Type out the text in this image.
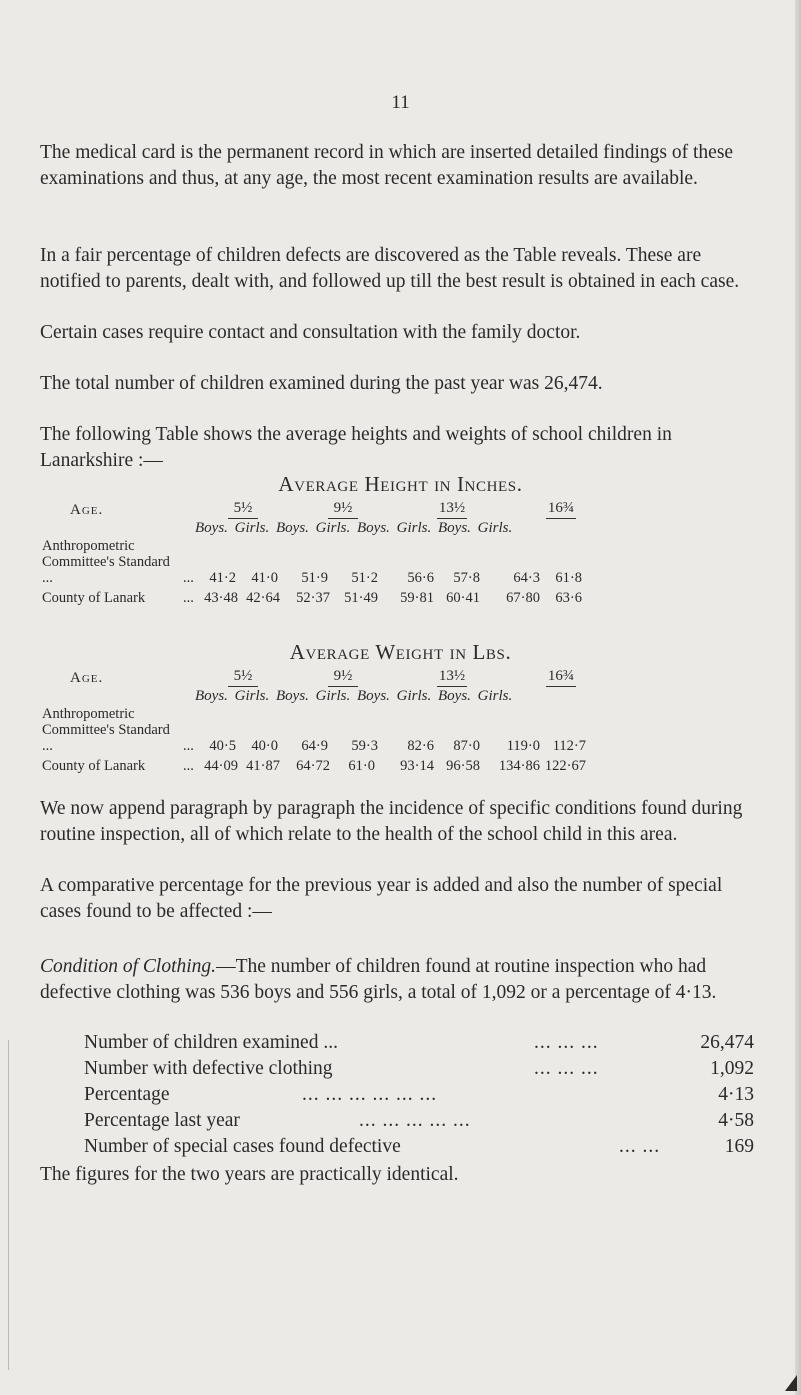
11

The medical card is the permanent record in which are inserted detailed findings of these examinations and thus, at any age, the most recent examination results are available.

In a fair percentage of children defects are discovered as the Table reveals. These are notified to parents, dealt with, and followed up till the best result is obtained in each case.

Certain cases require contact and consultation with the family doctor.

The total number of children examined during the past year was 26,474.

The following Table shows the average heights and weights of school children in Lanarkshire :—

Average Height in Inches.
Age.	5½	9½	13½	16¾
Boys. Girls. Boys. Girls. Boys. Girls. Boys. Girls.
Anthropometric Committee's Standard ...	...	41·2	41·0	51·9	51·2	56·6	57·8	64·3	61·8
County of Lanark	... 43·48 42·64	52·37 51·49	59·81 60·41	67·80	63·6
Average Weight in Lbs.
Age.	5½	9½	13½	16¾
Boys. Girls. Boys. Girls. Boys. Girls. Boys. Girls.
Anthropometric Committee's Standard ...	...	40·5	40·0	64·9	59·3	82·6	87·0	119·0 112·7
County of Lanark	... 44·09 41·87	64·72	61·0	93·14 96·58	134·86 122·67

We now append paragraph by paragraph the incidence of specific conditions found during routine inspection, all of which relate to the health of the school child in this area.

A comparative percentage for the previous year is added and also the number of special cases found to be affected :—

Condition of Clothing.—The number of children found at routine inspection who had defective clothing was 536 boys and 556 girls, a total of 1,092 or a percentage of 4·13.

Number of children examined ...	... ... ...	26,474
Number with defective clothing	... ... ...	1,092
Percentage	... ... ... ... ... ...	4·13
Percentage last year	... ... ... ... ...	4·58
Number of special cases found defective	... ...	169

The figures for the two years are practically identical.
